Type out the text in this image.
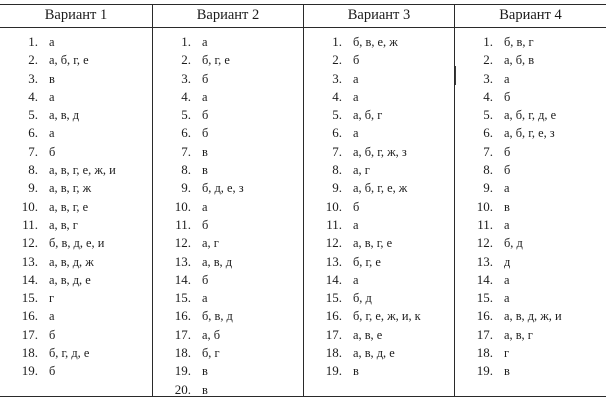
Вариант 1
1. а
2. а, б, г, е
3. в
4. а
5. а, в, д
6. а
7. б
8. а, в, г, е, ж, и
9. а, в, г, ж
10. а, в, г, е
11. а, в, г
12. б, в, д, е, и
13. а, в, д, ж
14. а, в, д, е
15. г
16. а
17. б
18. б, г, д, е
19. б
Вариант 2
1. а
2. б, г, е
3. б
4. а
5. б
6. б
7. в
8. в
9. б, д, е, з
10. а
11. б
12. а, г
13. а, в, д
14. б
15. а
16. б, в, д
17. а, б
18. б, г
19. в
20. в
Вариант 3
1. б, в, е, ж
2. б
3. а
4. а
5. а, б, г
6. а
7. а, б, г, ж, з
8. а, г
9. а, б, г, е, ж
10. б
11. а
12. а, в, г, е
13. б, г, е
14. а
15. б, д
16. б, г, е, ж, и, к
17. а, в, е
18. а, в, д, е
19. в
Вариант 4
1. б, в, г
2. а, б, в
3. а
4. б
5. а, б, г, д, е
6. а, б, г, е, з
7. б
8. б
9. а
10. в
11. а
12. б, д
13. д
14. а
15. а
16. а, в, д, ж, и
17. а, в, г
18. г
19. в
